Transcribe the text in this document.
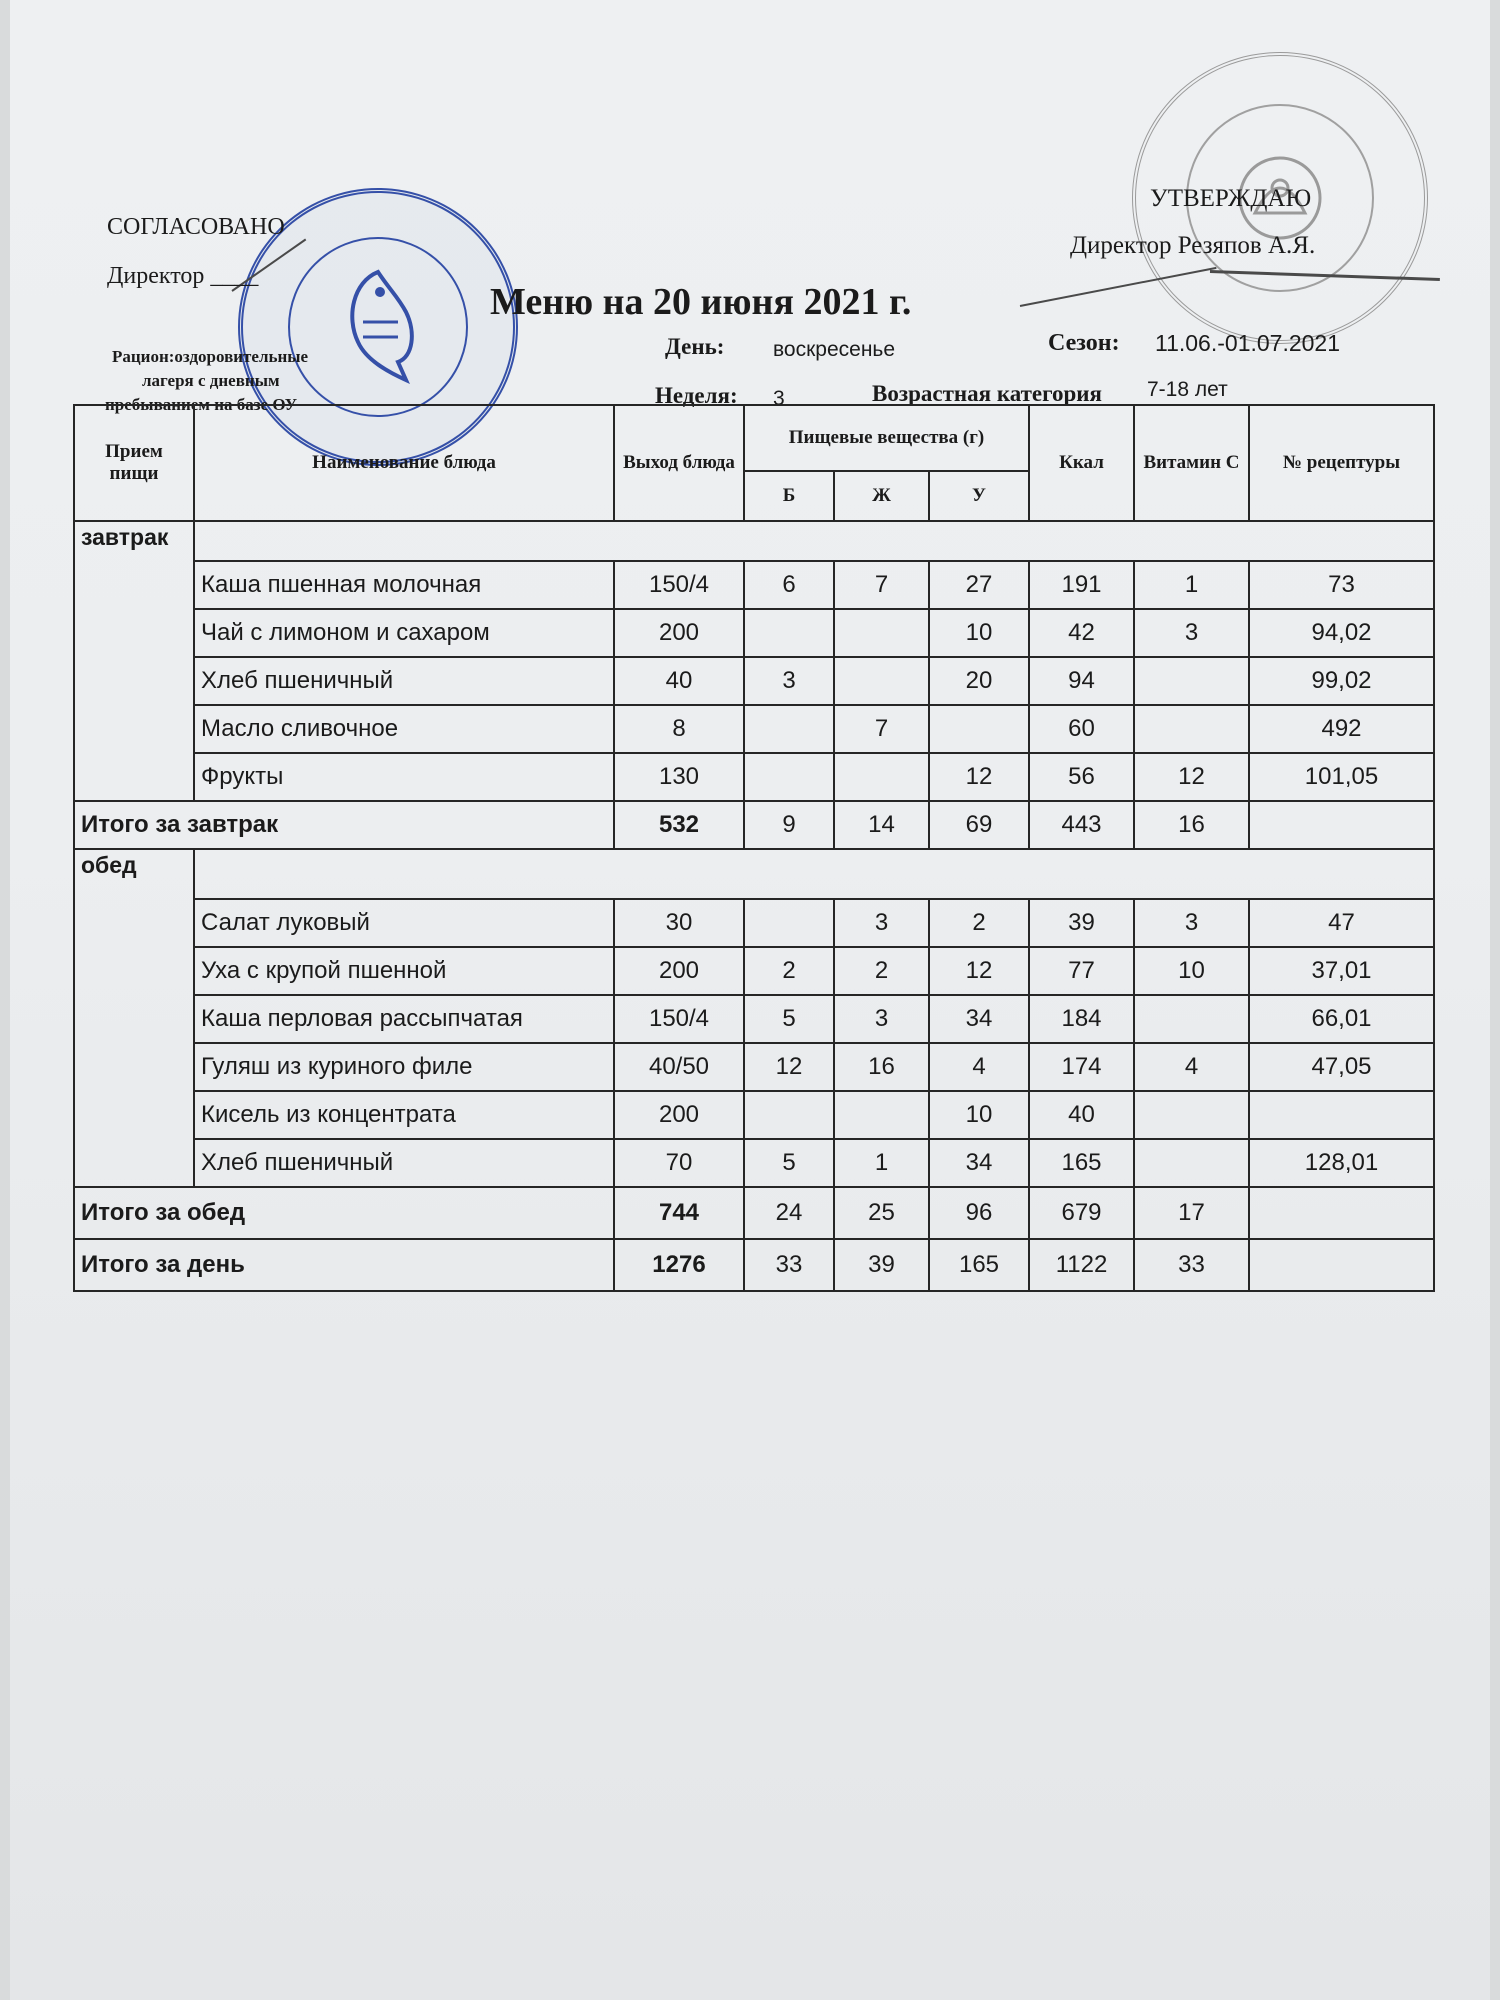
СОГЛАСОВАНО
Директор ____
УТВЕРЖДАЮ
Директор Резяпов А.Я.
Меню на 20 июня 2021 г.
Рацион:оздоровительные
лагеря с дневным
пребыванием на базе ОУ
День: воскресенье	Сезон: 11.06.-01.07.2021
Неделя: 3	Возрастная категория 7-18 лет
Прием пищи	Наименование блюда	Выход блюда	Пищевые вещества (г)			Ккал	Витамин С	№ рецептуры
			Б	Ж	У			
завтрак								
	Каша пшенная молочная	150/4	6	7	27	191	1	73
	Чай с лимоном и сахаром	200			10	42	3	94,02
	Хлеб пшеничный	40	3		20	94		99,02
	Масло сливочное	8		7		60		492
	Фрукты	130			12	56	12	101,05
Итого за завтрак		532	9	14	69	443	16	
обед								
	Салат луковый	30		3	2	39	3	47
	Уха с крупой пшенной	200	2	2	12	77	10	37,01
	Каша перловая рассыпчатая	150/4	5	3	34	184		66,01
	Гуляш из куриного филе	40/50	12	16	4	174	4	47,05
	Кисель из концентрата	200			10	40		
	Хлеб пшеничный	70	5	1	34	165		128,01
Итого за обед		744	24	25	96	679	17	
Итого за день		1276	33	39	165	1122	33	
